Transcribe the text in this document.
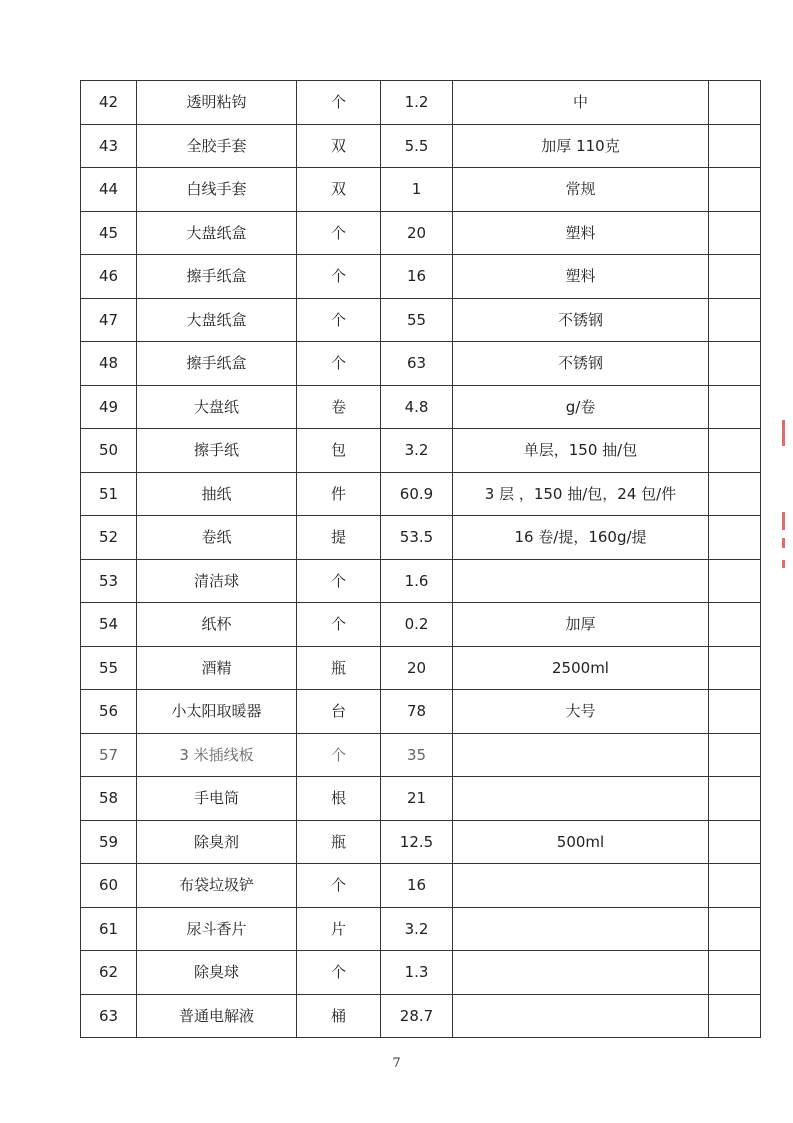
42	透明粘钩	个	1.2	中	
43	全胶手套	双	5.5	加厚 110克	
44	白线手套	双	1	常规	
45	大盘纸盒	个	20	塑料	
46	擦手纸盒	个	16	塑料	
47	大盘纸盒	个	55	不锈钢	
48	擦手纸盒	个	63	不锈钢	
49	大盘纸	卷	4.8	g/卷	
50	擦手纸	包	3.2	单层，150 抽/包	
51	抽纸	件	60.9	3 层 ，150 抽/包，24 包/件	
52	卷纸	提	53.5	16 卷/提，160g/提	
53	清洁球	个	1.6		
54	纸杯	个	0.2	加厚	
55	酒精	瓶	20	2500ml	
56	小太阳取暖器	台	78	大号	
57	3 米插线板	个	35		
58	手电筒	根	21		
59	除臭剂	瓶	12.5	500ml	
60	布袋垃圾铲	个	16		
61	尿斗香片	片	3.2		
62	除臭球	个	1.3		
63	普通电解液	桶	28.7		
7
